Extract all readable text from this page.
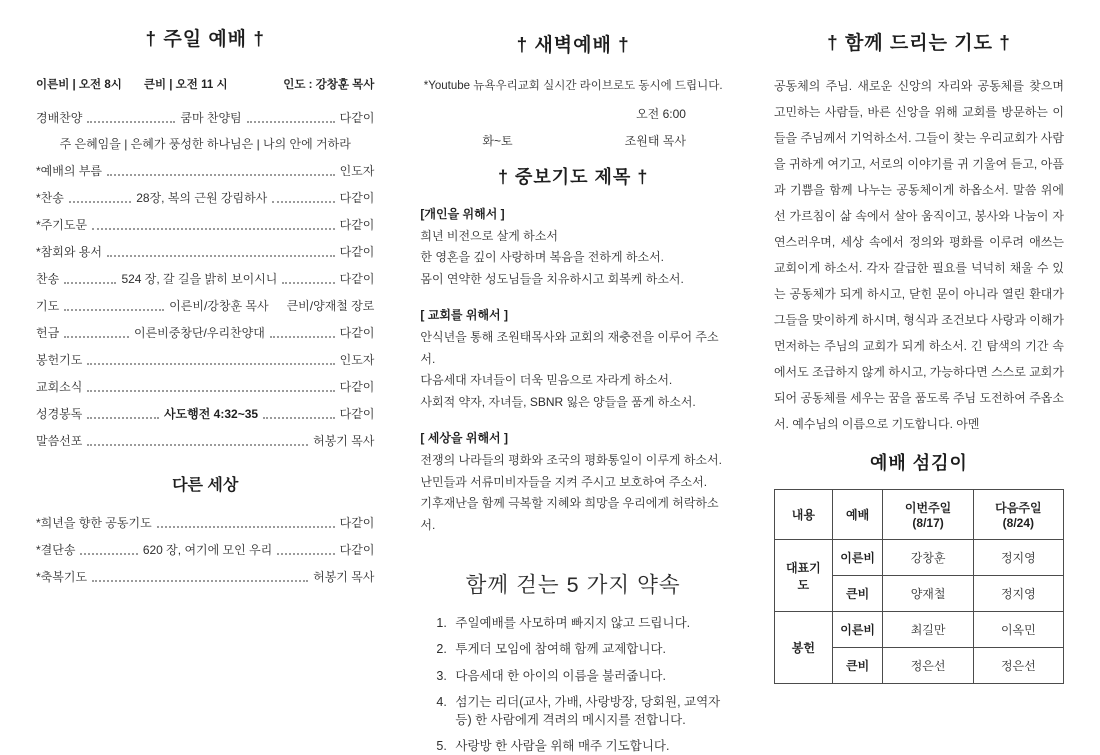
† 주일 예배 †
이른비 | 오전 8시 큰비 | 오전 11 시	인도 : 강창훈 목사
경배찬양	쿰마 찬양팀	다같이
주 은혜임을 | 은혜가 풍성한 하나님은 | 나의 안에 거하라
*예배의 부름	인도자
*찬송	28장, 복의 근원 강림하사	다같이
*주기도문	다같이
*참회와 용서	다같이
찬송	524 장, 갈 길을 밝히 보이시니	다같이
기도	이른비/강창훈 목사	큰비/양재철 장로
헌금	이른비중창단/우리찬양대	다같이
봉헌기도	인도자
교회소식	다같이
성경봉독	사도행전 4:32~35	다같이
말씀선포	허봉기 목사
다른 세상
*희년을 향한 공동기도	다같이
*결단송	620 장, 여기에 모인 우리	다같이
*축복기도	허봉기 목사
† 새벽예배 †
*Youtube 뉴욕우리교회 실시간 라이브로도 동시에 드립니다.
오전 6:00
화~토	조원태 목사
† 중보기도 제목 †
[개인을 위해서 ]
희년 비전으로 살게 하소서
한 영혼을 깊이 사랑하며 복음을 전하게 하소서.
몸이 연약한 성도님들을 치유하시고 회복케 하소서.
[ 교회를 위해서 ]
안식년을 통해 조원태목사와 교회의 재충전을 이루어 주소서.
다음세대 자녀들이 더욱 믿음으로 자라게 하소서.
사회적 약자, 자녀들, SBNR 잃은 양들을 품게 하소서.
[ 세상을 위해서 ]
전쟁의 나라들의 평화와 조국의 평화통일이 이루게 하소서.
난민들과 서류미비자들을 지켜 주시고 보호하여 주소서.
기후재난을 함께 극복할 지혜와 희망을 우리에게 허락하소서.
함께 걷는 5 가지 약속
1. 주일예배를 사모하며 빠지지 않고 드립니다.
2. 투게더 모임에 참여해 함께 교제합니다.
3. 다음세대 한 아이의 이름을 불러줍니다.
4. 섬기는 리더(교사, 가배, 사랑방장, 당회원, 교역자 등) 한 사람에게 격려의 메시지를 전합니다.
5. 사랑방 한 사람을 위해 매주 기도합니다.
† 함께 드리는 기도 †
공동체의 주님. 새로운 신앙의 자리와 공동체를 찾으며 고민하는 사람들, 바른 신앙을 위해 교회를 방문하는 이들을 주님께서 기억하소서. 그들이 찾는 우리교회가 사람을 귀하게 여기고, 서로의 이야기를 귀 기울여 듣고, 아픔과 기쁨을 함께 나누는 공동체이게 하옵소서. 말씀 위에 선 가르침이 삶 속에서 살아 움직이고, 봉사와 나눔이 자연스러우며, 세상 속에서 정의와 평화를 이루려 애쓰는 교회이게 하소서. 각자 갈급한 필요를 넉넉히 채울 수 있는 공동체가 되게 하시고, 닫힌 문이 아니라 열린 환대가 그들을 맞이하게 하시며, 형식과 조건보다 사랑과 이해가 먼저하는 주님의 교회가 되게 하소서. 긴 탐색의 기간 속에서도 조급하지 않게 하시고, 가능하다면 스스로 교회가 되어 공동체를 세우는 꿈을 품도록 주님 도전하여 주옵소서. 예수님의 이름으로 기도합니다. 아멘
예배 섬김이
내용	예배	이번주일(8/17)	다음주일(8/24)
대표기도	이른비	강창훈	정지영
	큰비	양재철	정지영
봉헌	이른비	최길만	이옥민
	큰비	정은선	정은선
